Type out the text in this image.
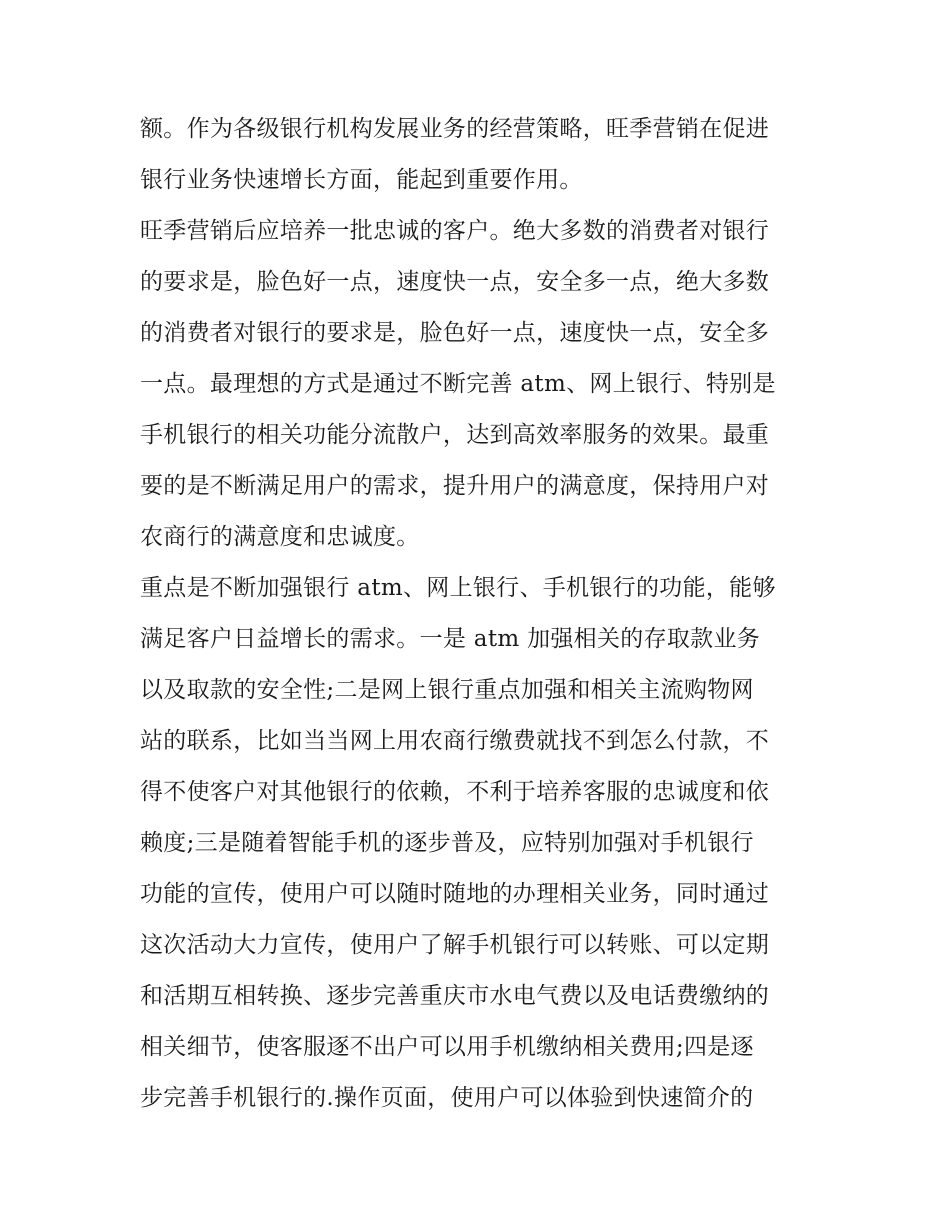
额。作为各级银行机构发展业务的经营策略，旺季营销在促进
银行业务快速增长方面，能起到重要作用。
旺季营销后应培养一批忠诚的客户。绝大多数的消费者对银行
的要求是，脸色好一点，速度快一点，安全多一点，绝大多数
的消费者对银行的要求是，脸色好一点，速度快一点，安全多
一点。最理想的方式是通过不断完善 atm、网上银行、特别是
手机银行的相关功能分流散户，达到高效率服务的效果。最重
要的是不断满足用户的需求，提升用户的满意度，保持用户对
农商行的满意度和忠诚度。
重点是不断加强银行 atm、网上银行、手机银行的功能，能够
满足客户日益增长的需求。一是 atm 加强相关的存取款业务
以及取款的安全性;二是网上银行重点加强和相关主流购物网
站的联系，比如当当网上用农商行缴费就找不到怎么付款，不
得不使客户对其他银行的依赖，不利于培养客服的忠诚度和依
赖度;三是随着智能手机的逐步普及，应特别加强对手机银行
功能的宣传，使用户可以随时随地的办理相关业务，同时通过
这次活动大力宣传，使用户了解手机银行可以转账、可以定期
和活期互相转换、逐步完善重庆市水电气费以及电话费缴纳的
相关细节，使客服逐不出户可以用手机缴纳相关费用;四是逐
步完善手机银行的.操作页面，使用户可以体验到快速简介的
